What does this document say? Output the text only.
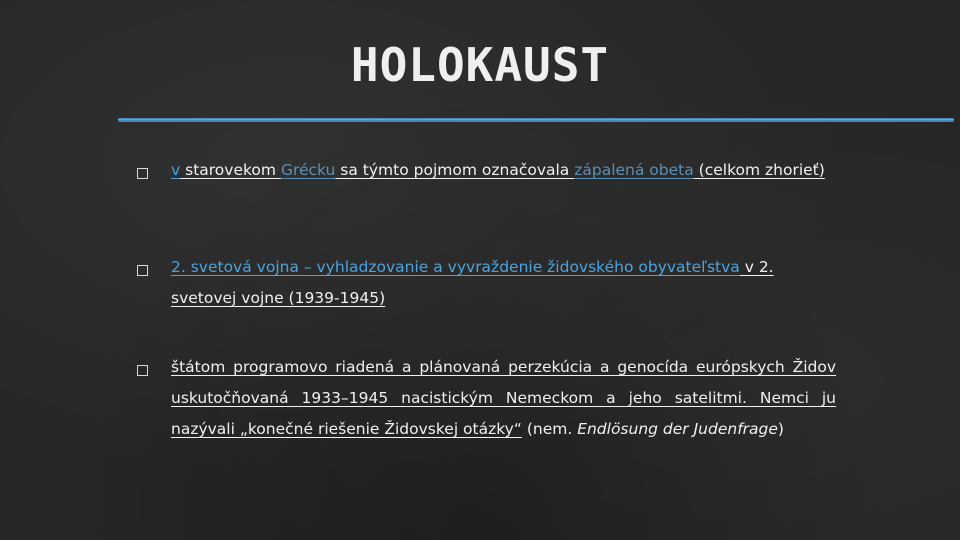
HOLOKAUST
v starovekom Grécku sa týmto pojmom označovala zápalená obeta (celkom zhorieť)
2. svetová vojna – vyhladzovanie a vyvraždenie židovského obyvateľstva v 2. svetovej vojne (1939-1945)
štátom programovo riadená a plánovaná perzekúcia a genocída európskych Židov uskutočňovaná 1933–1945 nacistickým Nemeckom a jeho satelitmi. Nemci ju nazývali „konečné riešenie Židovskej otázky“ (nem. Endlösung der Judenfrage)
